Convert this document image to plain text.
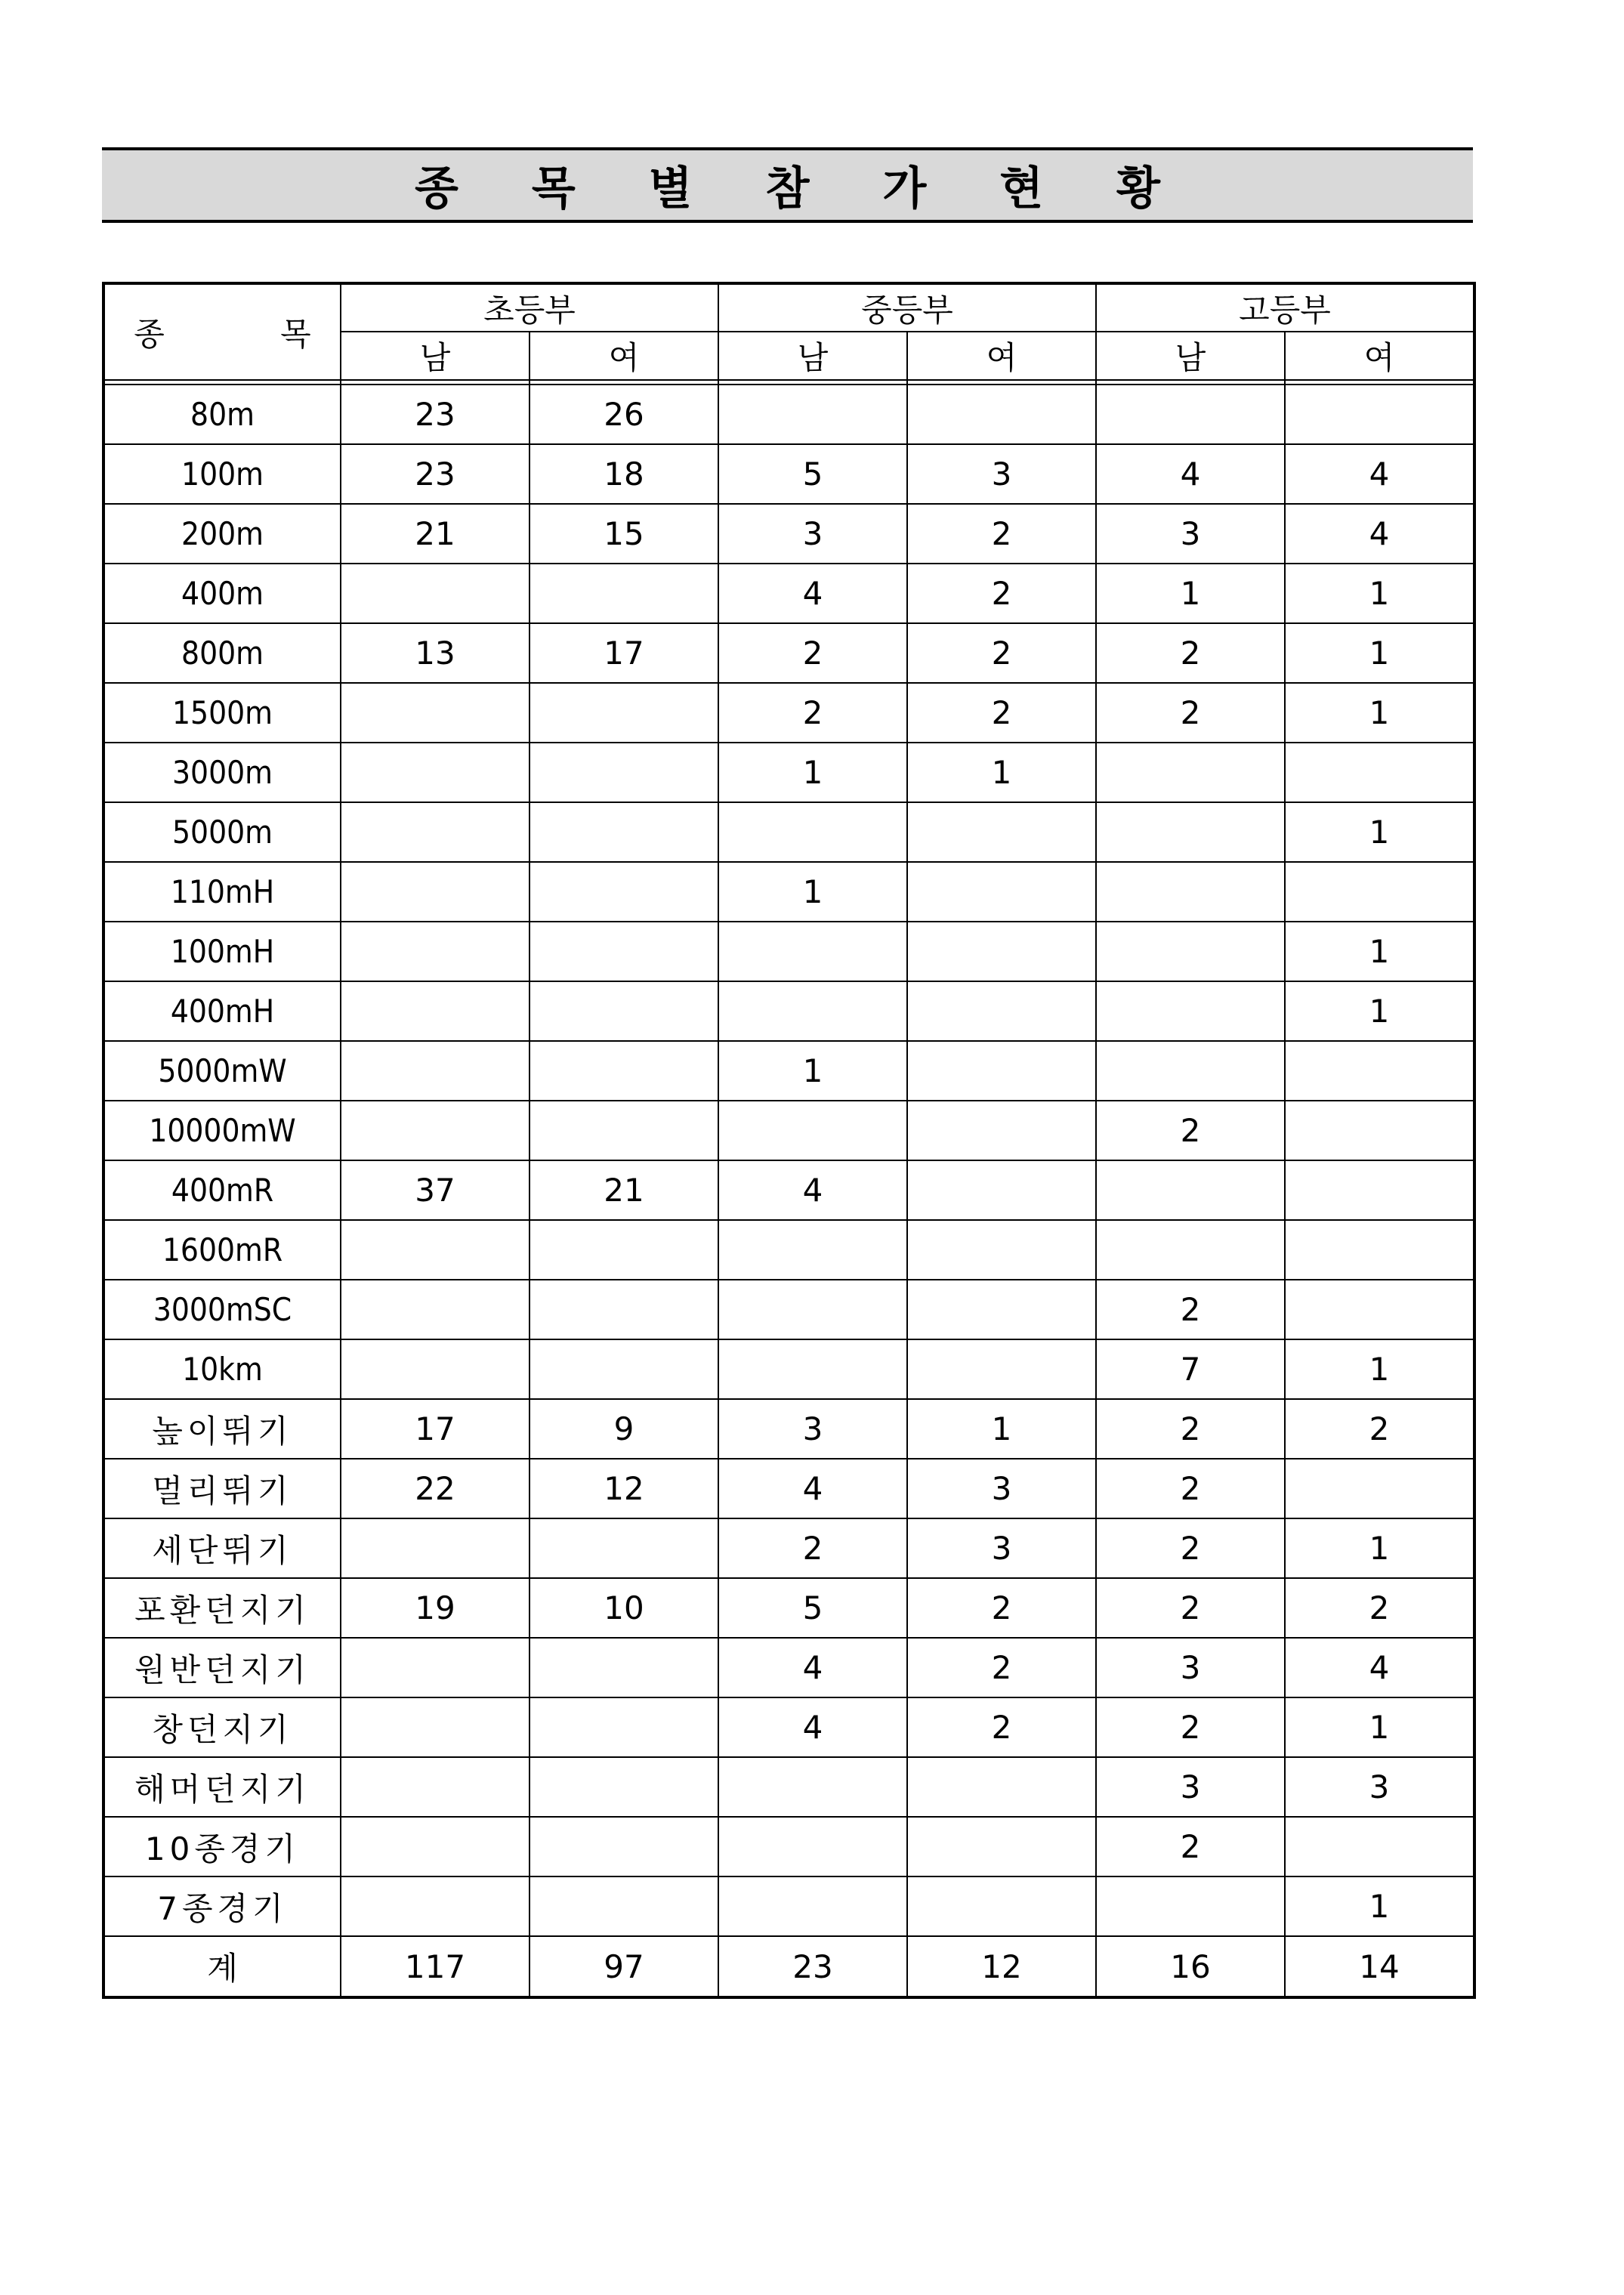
종 목 별 참 가 현 황
종 목	초등부		중등부		고등부	
	남	여	남	여	남	여

80m	23	26				
100m	23	18	5	3	4	4
200m	21	15	3	2	3	4
400m			4	2	1	1
800m	13	17	2	2	2	1
1500m			2	2	2	1
3000m			1	1		
5000m						1
110mH			1			
100mH						1
400mH						1
5000mW			1			
10000mW					2	
400mR	37	21	4			
1600mR						
3000mSC					2	
10km					7	1
높이뛰기	17	9	3	1	2	2
멀리뛰기	22	12	4	3	2	
세단뛰기			2	3	2	1
포환던지기	19	10	5	2	2	2
원반던지기			4	2	3	4
창던지기			4	2	2	1
해머던지기					3	3
10종경기					2	
7종경기						1
계	117	97	23	12	16	14
